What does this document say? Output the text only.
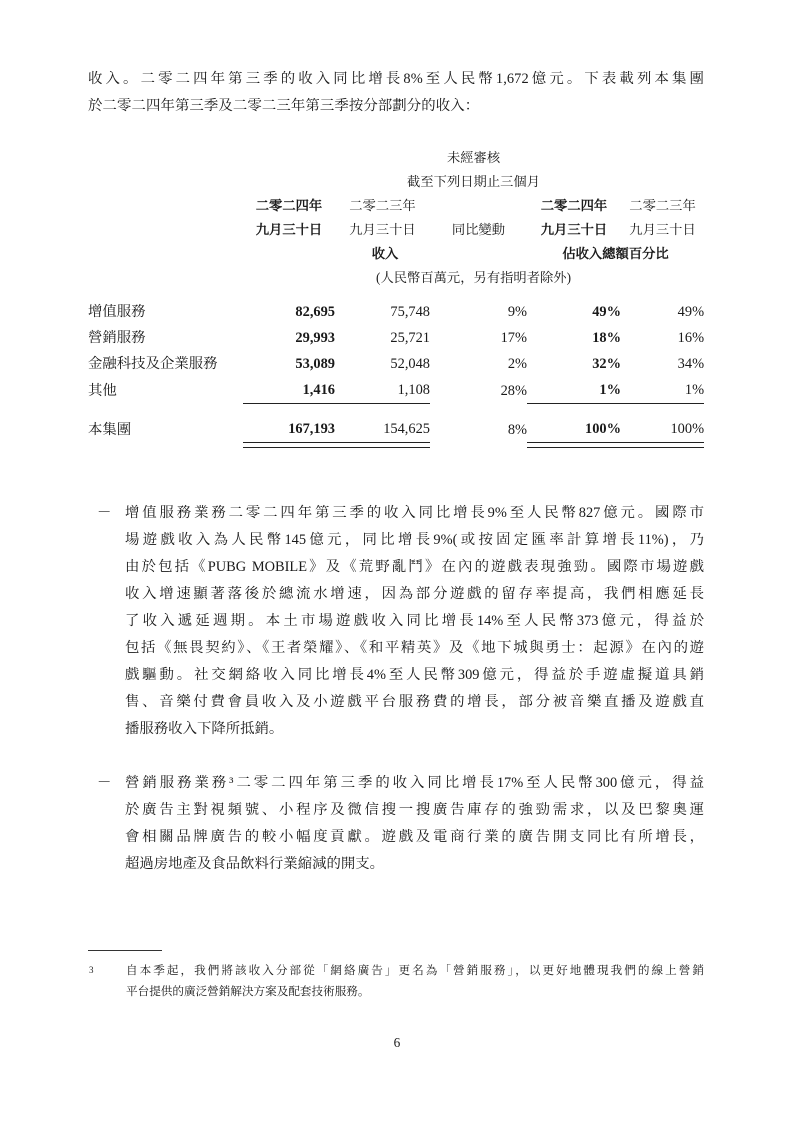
收入。二零二四年第三季的收入同比增長8%至人民幣1,672億元。下表載列本集團
於二零二四年第三季及二零二三年第三季按分部劃分的收入：
	未經審核				
	截至下列日期止三個月				
	二零二四年	二零二三年		二零二四年	二零二三年
	九月三十日	九月三十日	同比變動	九月三十日	九月三十日
	收入			佔收入總額百分比	
	(人民幣百萬元，另有指明者除外)				

增值服務	82,695	75,748	9%	49%	49%
營銷服務	29,993	25,721	17%	18%	16%
金融科技及企業服務	53,089	52,048	2%	32%	34%
其他	1,416	1,108	28%	1%	1%

本集團	167,193	154,625	8%	100%	100%

－ 增值服務業務二零二四年第三季的收入同比增長9%至人民幣827億元。國際市
場遊戲收入為人民幣145億元，同比增長9%(或按固定匯率計算增長11%)，乃
由於包括《PUBG MOBILE》及《荒野亂鬥》在內的遊戲表現強勁。國際市場遊戲
收入增速顯著落後於總流水增速，因為部分遊戲的留存率提高，我們相應延長
了收入遞延週期。本土市場遊戲收入同比增長14%至人民幣373億元，得益於
包括《無畏契約》、《王者榮耀》、《和平精英》及《地下城與勇士：起源》在內的遊
戲驅動。社交網絡收入同比增長4%至人民幣309億元，得益於手遊虛擬道具銷
售、音樂付費會員收入及小遊戲平台服務費的增長，部分被音樂直播及遊戲直
播服務收入下降所抵銷。
－ 營銷服務業務³二零二四年第三季的收入同比增長17%至人民幣300億元，得益
於廣告主對視頻號、小程序及微信搜一搜廣告庫存的強勁需求，以及巴黎奧運
會相關品牌廣告的較小幅度貢獻。遊戲及電商行業的廣告開支同比有所增長，
超過房地產及食品飲料行業縮減的開支。
3	自本季起，我們將該收入分部從「網絡廣告」更名為「營銷服務」，以更好地體現我們的線上營銷
平台提供的廣泛營銷解決方案及配套技術服務。
6
